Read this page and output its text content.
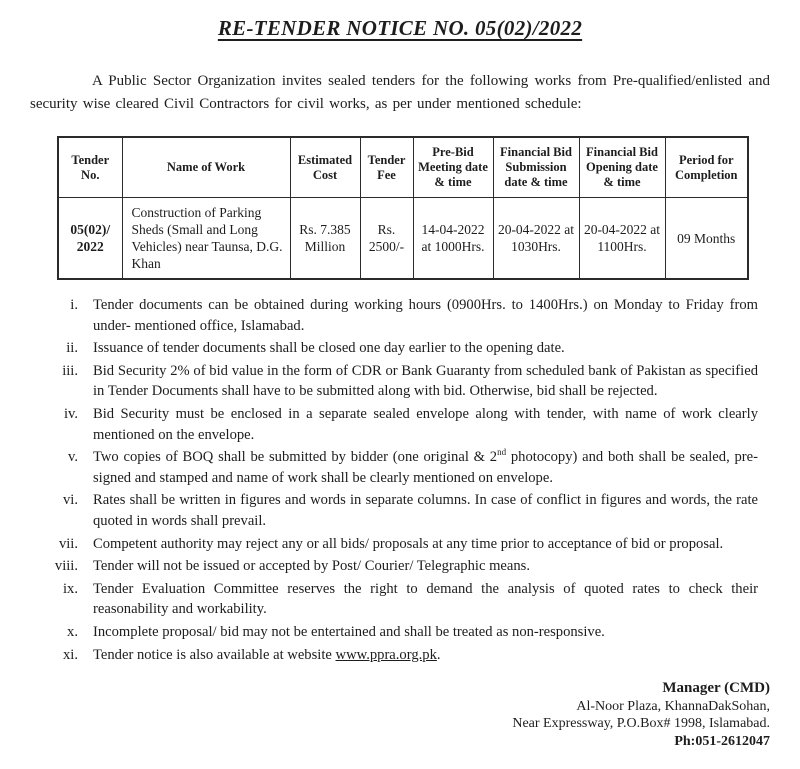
RE-TENDER NOTICE NO. 05(02)/2022

A Public Sector Organization invites sealed tenders for the following works from Pre-qualified/enlisted and security wise cleared Civil Contractors for civil works, as per under mentioned schedule:

Tender No.	Name of Work	Estimated Cost	Tender Fee	Pre-Bid Meeting date & time	Financial Bid Submission date & time	Financial Bid Opening date & time	Period for Completion
05(02)/ 2022	Construction of Parking Sheds (Small and Long Vehicles) near Taunsa, D.G. Khan	Rs. 7.385 Million	Rs. 2500/-	14-04-2022 at 1000Hrs.	20-04-2022 at 1030Hrs.	20-04-2022 at 1100Hrs.	09 Months
i. Tender documents can be obtained during working hours (0900Hrs. to 1400Hrs.) on Monday to Friday from under- mentioned office, Islamabad.
ii. Issuance of tender documents shall be closed one day earlier to the opening date.
iii. Bid Security 2% of bid value in the form of CDR or Bank Guaranty from scheduled bank of Pakistan as specified in Tender Documents shall have to be submitted along with bid. Otherwise, bid shall be rejected.
iv. Bid Security must be enclosed in a separate sealed envelope along with tender, with name of work clearly mentioned on the envelope.
v. Two copies of BOQ shall be submitted by bidder (one original & 2nd photocopy) and both shall be sealed, pre-signed and stamped and name of work shall be clearly mentioned on envelope.
vi. Rates shall be written in figures and words in separate columns. In case of conflict in figures and words, the rate quoted in words shall prevail.
vii. Competent authority may reject any or all bids/ proposals at any time prior to acceptance of bid or proposal.
viii. Tender will not be issued or accepted by Post/ Courier/ Telegraphic means.
ix. Tender Evaluation Committee reserves the right to demand the analysis of quoted rates to check their reasonability and workability.
x. Incomplete proposal/ bid may not be entertained and shall be treated as non-responsive.
xi. Tender notice is also available at website www.ppra.org.pk.
Manager (CMD)
Al-Noor Plaza, KhannaDakSohan,
Near Expressway, P.O.Box# 1998, Islamabad.
Ph:051-2612047
